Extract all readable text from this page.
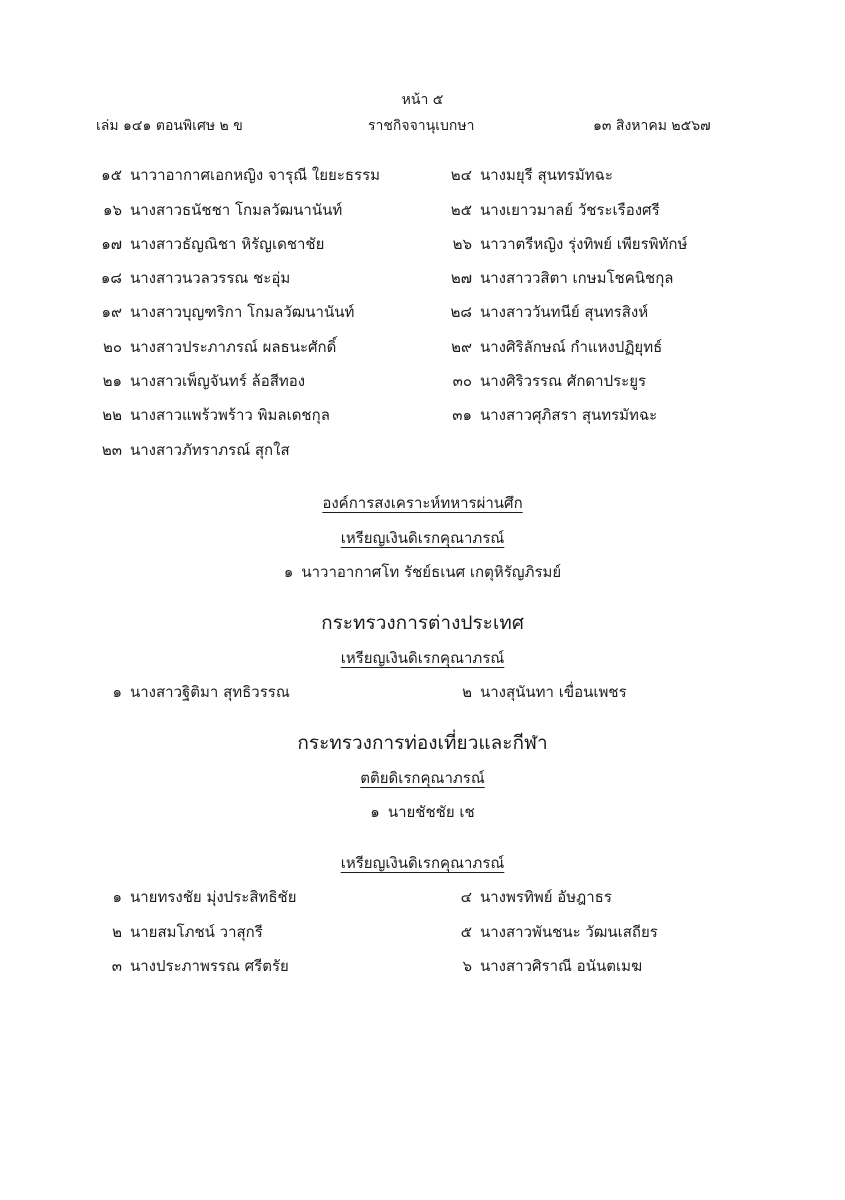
หน้า ๕
เล่ม ๑๔๑ ตอนพิเศษ ๒ ข	ราชกิจจานุเบกษา	๑๓ สิงหาคม ๒๕๖๗
๑๕ นาวาอากาศเอกหญิง จารุณี ใยยะธรรม
๑๖ นางสาวธนัชชา โกมลวัฒนานันท์
๑๗ นางสาวธัญณิชา หิรัญเดชาชัย
๑๘ นางสาวนวลวรรณ ชะอุ่ม
๑๙ นางสาวบุญฑริกา โกมลวัฒนานันท์
๒๐ นางสาวประภาภรณ์ ผลธนะศักดิ์
๒๑ นางสาวเพ็ญจันทร์ ล้อสีทอง
๒๒ นางสาวแพร้วพร้าว พิมลเดชกุล
๒๓ นางสาวภัทราภรณ์ สุกใส
๒๔ นางมยุรี สุนทรมัทฉะ
๒๕ นางเยาวมาลย์ วัชระเรืองศรี
๒๖ นาวาตรีหญิง รุ่งทิพย์ เพียรพิทักษ์
๒๗ นางสาววสิตา เกษมโชคนิชกุล
๒๘ นางสาววันทนีย์ สุนทรสิงห์
๒๙ นางศิริลักษณ์ กำแหงปฏิยุทธ์
๓๐ นางศิริวรรณ ศักดาประยูร
๓๑ นางสาวศุภิสรา สุนทรมัทฉะ
องค์การสงเคราะห์ทหารผ่านศึก
เหรียญเงินดิเรกคุณาภรณ์
๑ นาวาอากาศโท รัชย์ธเนศ เกตุหิรัญภิรมย์
กระทรวงการต่างประเทศ
เหรียญเงินดิเรกคุณาภรณ์
๑ นางสาวฐิติมา สุทธิวรรณ	๒ นางสุนันทา เขื่อนเพชร
กระทรวงการท่องเที่ยวและกีฬา
ตติยดิเรกคุณาภรณ์
๑ นายชัชชัย เช
เหรียญเงินดิเรกคุณาภรณ์
๑ นายทรงชัย มุ่งประสิทธิชัย
๒ นายสมโภชน์ วาสุกรี
๓ นางประภาพรรณ ศรีตรัย
๔ นางพรทิพย์ อัษฎาธร
๕ นางสาวพันชนะ วัฒนเสถียร
๖ นางสาวศิราณี อนันตเมฆ
